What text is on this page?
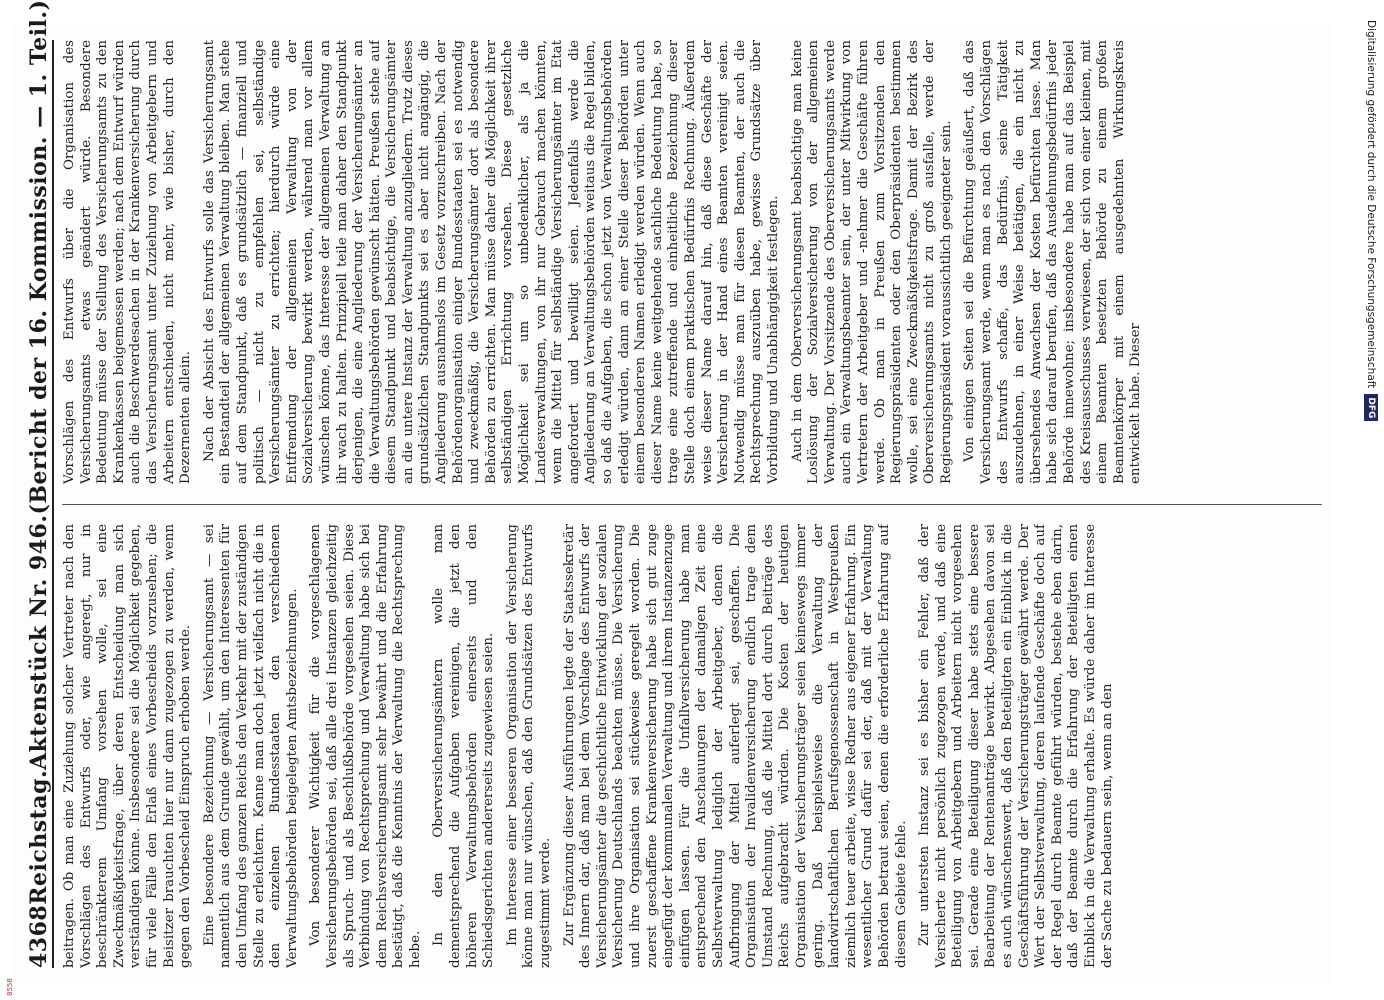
4368
Reichstag.
Aktenstück Nr. 946.
(Bericht der 16. Kommission. — 1. Teil.)

beitragen. Ob man eine Zuziehung solcher Vertreter nach den Vorschlägen des Entwurfs oder, wie angeregt, nur in beschränkterem Umfang vorsehen wolle, sei eine Zweckmäßigkeitsfrage, über deren Entscheidung man sich verständigen könne. Insbesondere sei die Möglichkeit gegeben, für viele Fälle den Erlaß eines Vorbescheids vorzusehen; die Beisitzer brauchten hier nur dann zugezogen zu werden, wenn gegen den Vorbescheid Einspruch erhoben werde. Eine besondere Bezeichnung — Versicherungsamt — sei namentlich aus dem Grunde gewählt, um den Interessenten für den Umfang des ganzen Reichs den Verkehr mit der zuständigen Stelle zu erleichtern. Kenne man doch jetzt vielfach nicht die in den einzelnen Bundesstaaten den verschiedenen Verwaltungsbehörden beigelegten Amtsbezeichnungen. Von besonderer Wichtigkeit für die vorgeschlagenen Versicherungsbehörden sei, daß alle drei Instanzen gleichzeitig als Spruch- und als Beschlußbehörde vorgesehen seien. Diese Verbindung von Rechtsprechung und Verwaltung habe sich bei dem Reichsversicherungsamt sehr bewährt und die Erfahrung bestätigt, daß die Kenntnis der Verwaltung die Rechtsprechung hebe.

In den Oberversicherungsämtern wolle man dementsprechend die Aufgaben vereinigen, die jetzt den höheren Verwaltungsbehörden einerseits und den Schiedsgerichten andererseits zugewiesen seien. Im Interesse einer besseren Organisation der Versicherung könne man nur wünschen, daß den Grundsätzen des Entwurfs zugestimmt werde. Zur Ergänzung dieser Ausführungen legte der Staatssekretär des Innern dar, daß man bei dem Vorschlage des Entwurfs der Versicherungsämter die geschichtliche Entwicklung der sozialen Versicherung Deutschlands beachten müsse. Die Versicherung und ihre Organisation sei stückweise geregelt worden. Die zuerst geschaffene Krankenversicherung habe sich gut zuge eingefügt der kommunalen Verwaltung und ihrem Instanzenzuge einfügen lassen. Für die Unfallversicherung habe man entsprechend den Anschauungen der damaligen Zeit eine Selbstverwaltung lediglich der Arbeitgeber, denen die Aufbringung der Mittel auferlegt sei, geschaffen. Die Organisation der Invalidenversicherung endlich trage dem Umstand Rechnung, daß die Mittel dort durch Beiträge des Reichs aufgebracht würden. Die Kosten der heutigen Organisation der Versicherungsträger seien keineswegs immer gering. Daß beispielsweise die Verwaltung der landwirtschaftlichen Berufsgenossenschaft in Westpreußen ziemlich teuer arbeite, wisse Redner aus eigener Erfahrung. Ein wesentlicher Grund dafür sei der, daß mit der Verwaltung Behörden betraut seien, denen die erforderliche Erfahrung auf diesem Gebiete fehle. Zur untersten Instanz sei es bisher ein Fehler, daß der Versicherte nicht persönlich zugezogen werde, und daß eine Beteiligung von Arbeitgebern und Arbeitern nicht vorgesehen sei. Gerade eine Beteiligung dieser habe stets eine bessere Bearbeitung der Rentenanträge bewirkt. Abgesehen davon sei es auch wünschenswert, daß den Beteiligten ein Einblick in die Geschäftsführung der Versicherungsträger gewährt werde. Der Wert der Selbstverwaltung, deren laufende Geschäfte doch auf der Regel durch Beamte geführt würden, bestehe eben darin, daß der Beamte durch die Erfahrung der Beteiligten einen Einblick in die Verwaltung erhalte. Es würde daher im Interesse der Sache zu bedauern sein, wenn an den

Vorschlägen des Entwurfs über die Organisation des Versicherungsamts etwas geändert würde. Besondere Bedeutung müsse der Stellung des Versicherungsamts zu den Krankenkassen beigemessen werden; nach dem Entwurf würden auch die Beschwerdesachen in der Krankenversicherung durch das Versicherungsamt unter Zuziehung von Arbeitgebern und Arbeitern entschieden, nicht mehr, wie bisher, durch den Dezernenten allein. Nach der Absicht des Entwurfs solle das Versicherungsamt ein Bestandteil der allgemeinen Verwaltung bleiben. Man stehe auf dem Standpunkt, daß es grundsätzlich — finanziell und politisch — nicht zu empfehlen sei, selbständige Versicherungsämter zu errichten; hierdurch würde eine Entfremdung der allgemeinen Verwaltung von der Sozialversicherung bewirkt werden, während man vor allem wünschen könne, das Interesse der allgemeinen Verwaltung an ihr wach zu halten. Prinzipiell teile man daher den Standpunkt derjenigen, die eine Angliederung der Versicherungsämter an die Verwaltungsbehörden gewünscht hätten. Preußen stehe auf diesem Standpunkt und beabsichtige, die Versicherungsämter an die untere Instanz der Verwaltung anzugliedern. Trotz dieses grundsätzlichen Standpunkts sei es aber nicht angängig, die Angliederung ausnahmslos im Gesetz vorzuschreiben. Nach der Behördenorganisation einiger Bundesstaaten sei es notwendig und zweckmäßig, die Versicherungsämter dort als besondere Behörden zu errichten. Man müsse daher die Möglichkeit ihrer selbständigen Errichtung vorsehen. Diese gesetzliche Möglichkeit sei um so unbedenklicher, als ja die Landesverwaltungen, von ihr nur Gebrauch machen könnten, wenn die Mittel für selbständige Versicherungsämter im Etat angefordert und bewilligt seien. Jedenfalls werde die Angliederung an Verwaltungsbehörden weitaus die Regel bilden, so daß die Aufgaben, die schon jetzt von Verwaltungsbehörden erledigt würden, dann an einer Stelle dieser Behörden unter einem besonderen Namen erledigt werden würden. Wenn auch dieser Name keine weitgehende sachliche Bedeutung habe, so trage eine zutreffende und einheitliche Bezeichnung dieser Stelle doch einem praktischen Bedürfnis Rechnung. Äußerdem weise dieser Name darauf hin, daß diese Geschäfte der Versicherung in der Hand eines Beamten vereinigt seien. Notwendig müsse man für diesen Beamten, der auch die Rechtsprechung auszuüben habe, gewisse Grundsätze über Vorbildung und Unabhängigkeit festlegen. Auch in dem Oberversicherungsamt beabsichtige man keine Loslösung der Sozialversicherung von der allgemeinen Verwaltung. Der Vorsitzende des Oberversicherungsamts werde auch ein Verwaltungsbeamter sein, der unter Mitwirkung von Vertretern der Arbeitgeber und -nehmer die Geschäfte führen werde. Ob man in Preußen zum Vorsitzenden den Regierungspräsidenten oder den Oberpräsidenten bestimmen wolle, sei eine Zweckmäßigkeitsfrage. Damit der Bezirk des Oberversicherungsamts nicht zu groß ausfalle, werde der Regierungspräsident voraussichtlich geeigneter sein. Von einigen Seiten sei die Befürchtung geäußert, daß das Versicherungsamt werde, wenn man es nach den Vorschlägen des Entwurfs schaffe, das Bedürfnis, seine Tätigkeit auszudehnen, in einer Weise betätigen, die ein nicht zu übersehendes Anwachsen der Kosten befürchten lasse. Man habe sich darauf berufen, daß das Ausdehnungsbedürfnis jeder Behörde innewohne; insbesondere habe man auf das Beispiel des Kreisausschusses verwiesen, der sich von einer kleinen, mit einem Beamten besetzten Behörde zu einem großen Beamtenkörper mit einem ausgedehnten Wirkungskreis entwickelt habe. Dieser

Digitalisierung gefördert durch die Deutsche Forschungsgemeinschaft
DFG
8558
